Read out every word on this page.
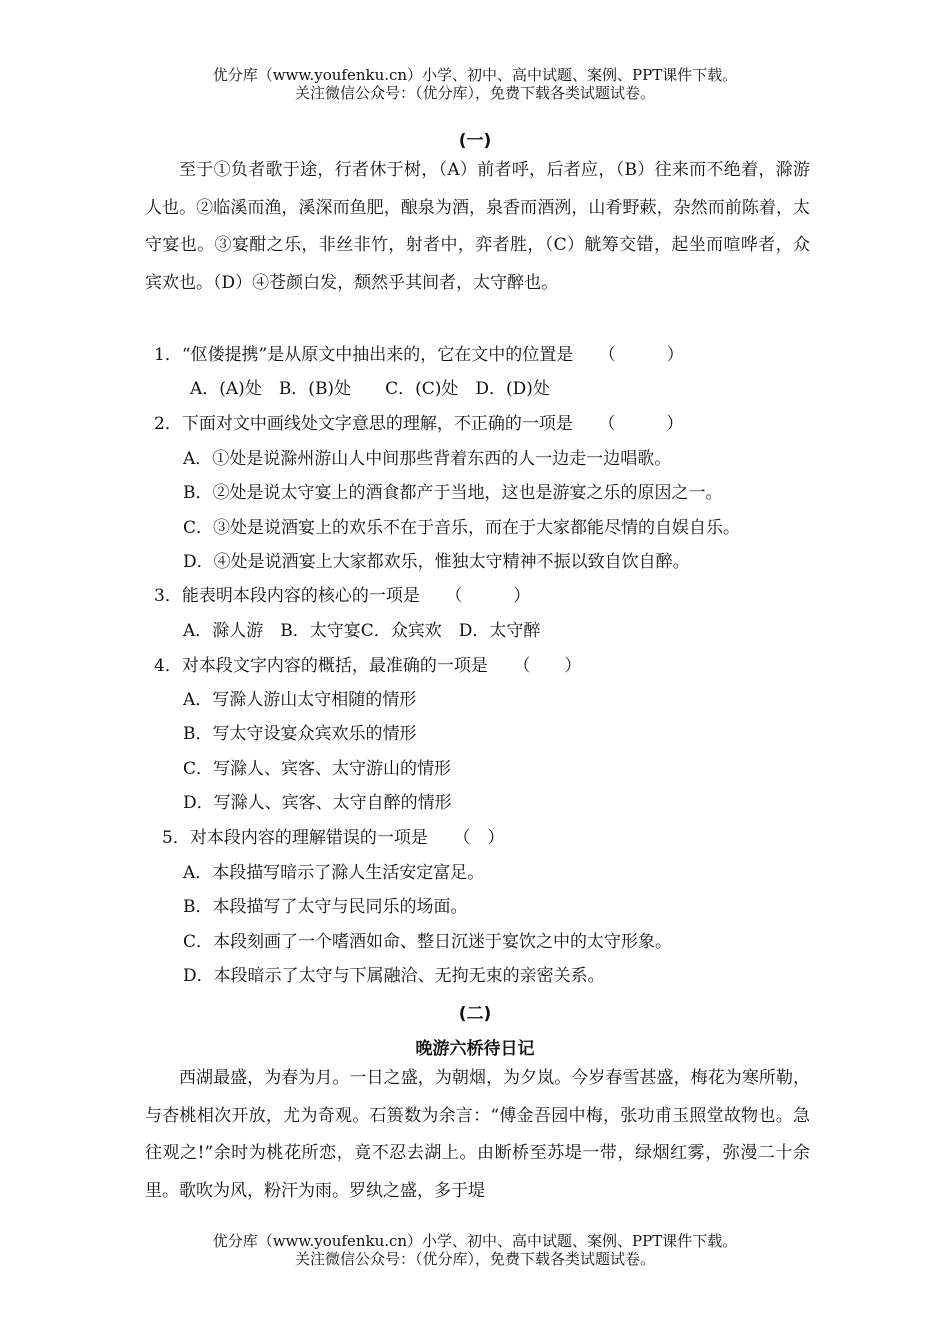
优分库（www.youfenku.cn）小学、初中、高中试题、案例、PPT课件下载。
关注微信公众号：（优分库），免费下载各类试题试卷。
(一)

至于①负者歌于途，行者休于树，（A）前者呼，后者应，（B）往来而不绝着，滁游人也。②临溪而渔，溪深而鱼肥，酿泉为酒，泉香而酒洌，山肴野蔌，杂然而前陈着，太守宴也。③宴酣之乐，非丝非竹，射者中，弈者胜，（C）觥筹交错，起坐而喧哗者，众宾欢也。（D）④苍颜白发，颓然乎其间者，太守醉也。

1．“伛偻提携”是从原文中抽出来的，它在文中的位置是　　（　　　）
A．(A)处　B．(B)处　　C．(C)处　D．(D)处
2．下面对文中画线处文字意思的理解，不正确的一项是　　（　　　）
A．①处是说滁州游山人中间那些背着东西的人一边走一边唱歌。
B．②处是说太守宴上的酒食都产于当地，这也是游宴之乐的原因之一。
C．③处是说酒宴上的欢乐不在于音乐，而在于大家都能尽情的自娱自乐。
D．④处是说酒宴上大家都欢乐，惟独太守精神不振以致自饮自醉。
3．能表明本段内容的核心的一项是　　（　　　）
A．滁人游　B．太守宴C．众宾欢　D．太守醉
4．对本段文字内容的概括，最准确的一项是　　（　　）
A．写滁人游山太守相随的情形
B．写太守设宴众宾欢乐的情形
C．写滁人、宾客、太守游山的情形
D．写滁人、宾客、太守自醉的情形
5．对本段内容的理解错误的一项是　　（　）
A．本段描写暗示了滁人生活安定富足。
B．本段描写了太守与民同乐的场面。
C．本段刻画了一个嗜酒如命、整日沉迷于宴饮之中的太守形象。
D．本段暗示了太守与下属融洽、无拘无束的亲密关系。
(二)
晚游六桥待日记

西湖最盛，为春为月。一日之盛，为朝烟，为夕岚。今岁春雪甚盛，梅花为寒所勒，与杏桃相次开放，尤为奇观。石篑数为余言：“傅金吾园中梅，张功甫玉照堂故物也。急往观之!”余时为桃花所恋，竟不忍去湖上。由断桥至苏堤一带，绿烟红雾，弥漫二十余里。歌吹为风，粉汗为雨。罗纨之盛，多于堤

优分库（www.youfenku.cn）小学、初中、高中试题、案例、PPT课件下载。
关注微信公众号：（优分库），免费下载各类试题试卷。
